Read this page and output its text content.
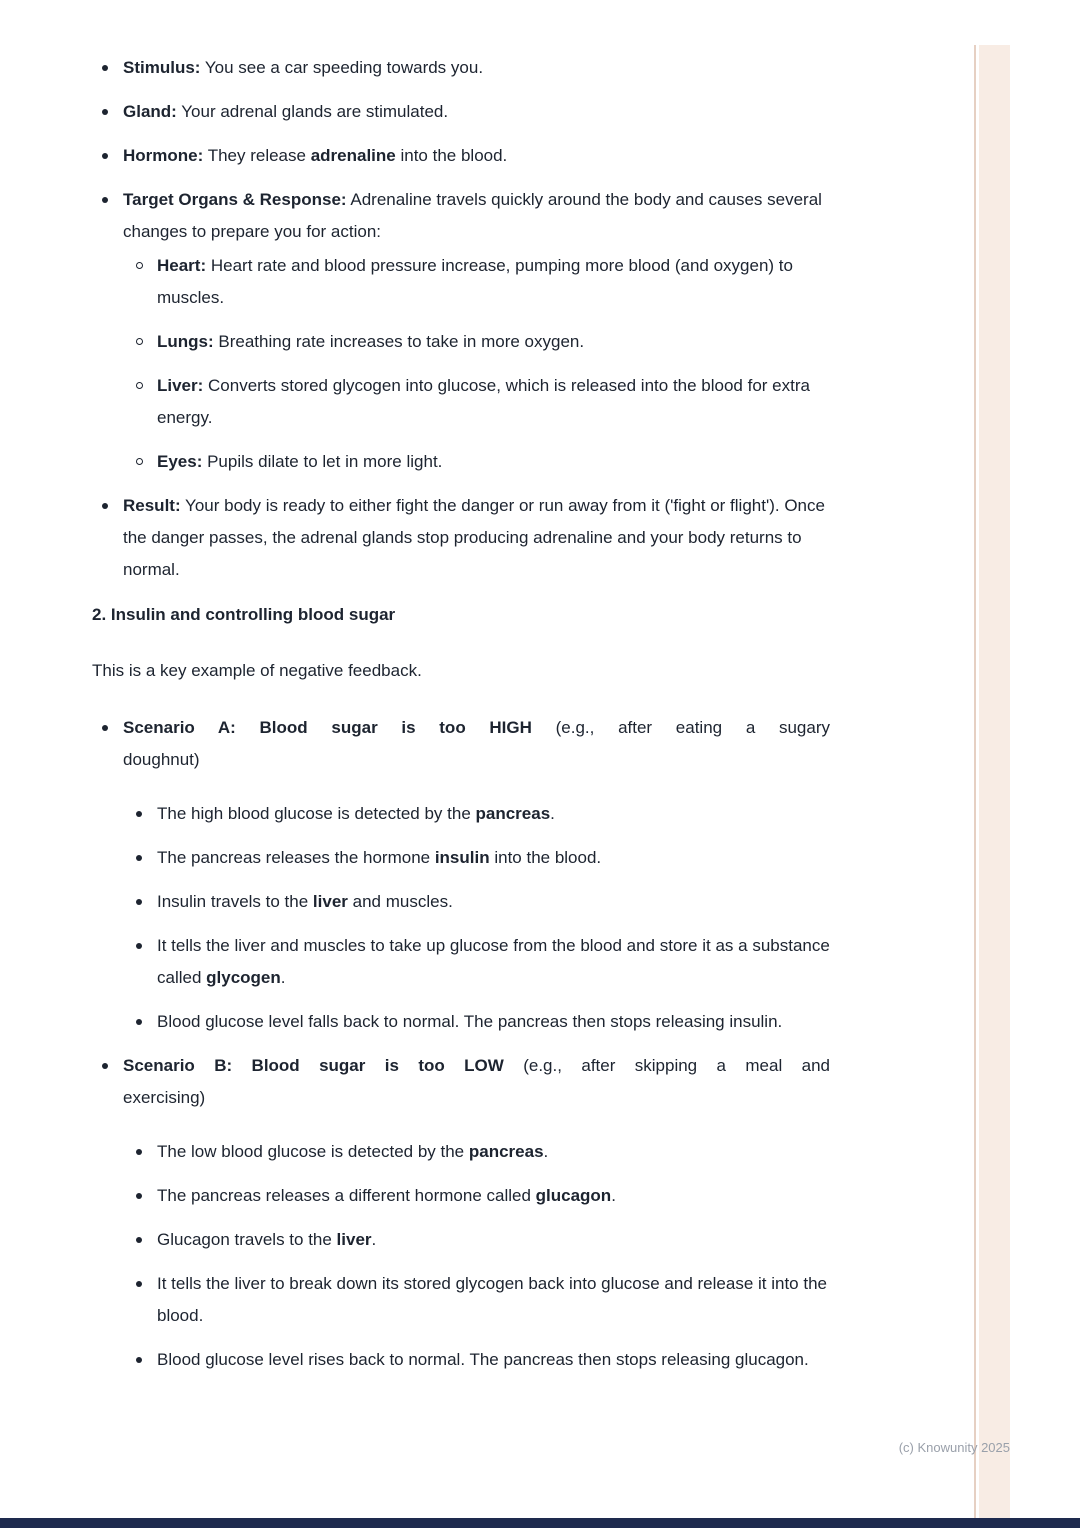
Stimulus: You see a car speeding towards you.
Gland: Your adrenal glands are stimulated.
Hormone: They release adrenaline into the blood.
Target Organs & Response: Adrenaline travels quickly around the body and causes several changes to prepare you for action:
Heart: Heart rate and blood pressure increase, pumping more blood (and oxygen) to muscles.
Lungs: Breathing rate increases to take in more oxygen.
Liver: Converts stored glycogen into glucose, which is released into the blood for extra energy.
Eyes: Pupils dilate to let in more light.
Result: Your body is ready to either fight the danger or run away from it ('fight or flight'). Once the danger passes, the adrenal glands stop producing adrenaline and your body returns to normal.
2. Insulin and controlling blood sugar

This is a key example of negative feedback.

Scenario A: Blood sugar is too HIGH (e.g., after eating a sugary
doughnut)
The high blood glucose is detected by the pancreas.
The pancreas releases the hormone insulin into the blood.
Insulin travels to the liver and muscles.
It tells the liver and muscles to take up glucose from the blood and store it as a substance called glycogen.
Blood glucose level falls back to normal. The pancreas then stops releasing insulin.
Scenario B: Blood sugar is too LOW (e.g., after skipping a meal and
exercising)
The low blood glucose is detected by the pancreas.
The pancreas releases a different hormone called glucagon.
Glucagon travels to the liver.
It tells the liver to break down its stored glycogen back into glucose and release it into the blood.
Blood glucose level rises back to normal. The pancreas then stops releasing glucagon.
(c) Knowunity 2025
